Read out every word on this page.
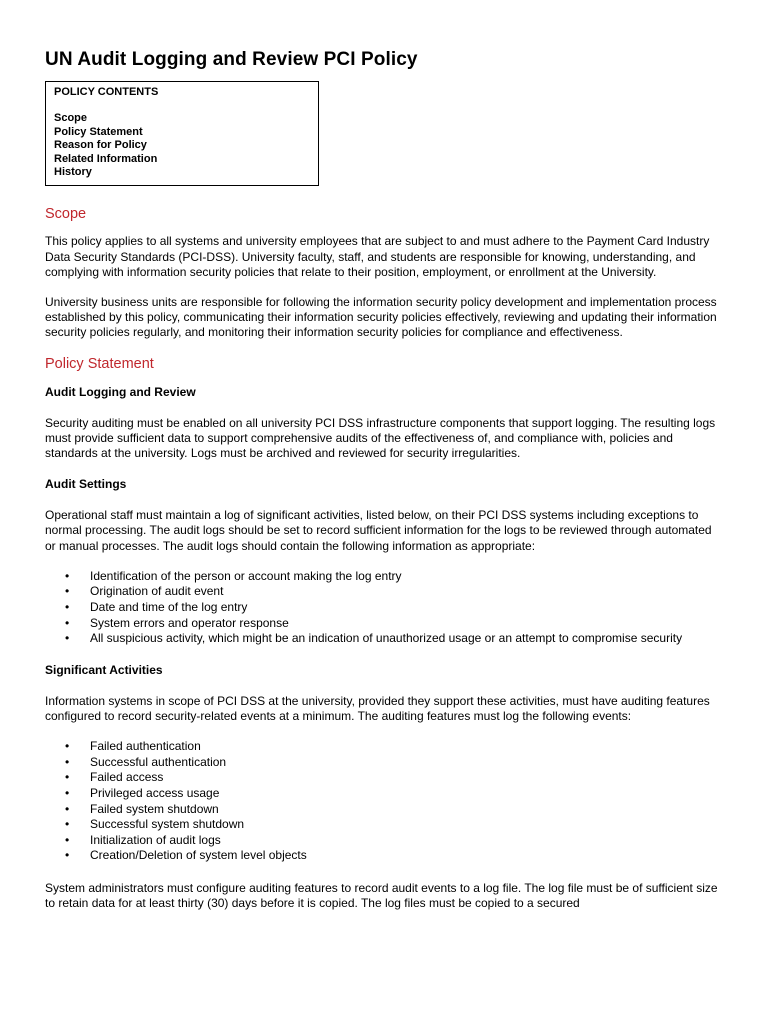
UN Audit Logging and Review PCI Policy
POLICY CONTENTS
Scope
Policy Statement
Reason for Policy
Related Information
History
Scope

This policy applies to all systems and university employees that are subject to and must adhere to the Payment Card Industry Data Security Standards (PCI-DSS). University faculty, staff, and students are responsible for knowing, understanding, and complying with information security policies that relate to their position, employment, or enrollment at the University.

University business units are responsible for following the information security policy development and implementation process established by this policy, communicating their information security policies effectively, reviewing and updating their information security policies regularly, and monitoring their information security policies for compliance and effectiveness.

Policy Statement
Audit Logging and Review

Security auditing must be enabled on all university PCI DSS infrastructure components that support logging. The resulting logs must provide sufficient data to support comprehensive audits of the effectiveness of, and compliance with, policies and standards at the university. Logs must be archived and reviewed for security irregularities.

Audit Settings

Operational staff must maintain a log of significant activities, listed below, on their PCI DSS systems including exceptions to normal processing. The audit logs should be set to record sufficient information for the logs to be reviewed through automated or manual processes. The audit logs should contain the following information as appropriate:

• Identification of the person or account making the log entry
• Origination of audit event
• Date and time of the log entry
• System errors and operator response
• All suspicious activity, which might be an indication of unauthorized usage or an attempt to compromise security
Significant Activities

Information systems in scope of PCI DSS at the university, provided they support these activities, must have auditing features configured to record security-related events at a minimum. The auditing features must log the following events:

• Failed authentication
• Successful authentication
• Failed access
• Privileged access usage
• Failed system shutdown
• Successful system shutdown
• Initialization of audit logs
• Creation/Deletion of system level objects

System administrators must configure auditing features to record audit events to a log file. The log file must be of sufficient size to retain data for at least thirty (30) days before it is copied. The log files must be copied to a secured
